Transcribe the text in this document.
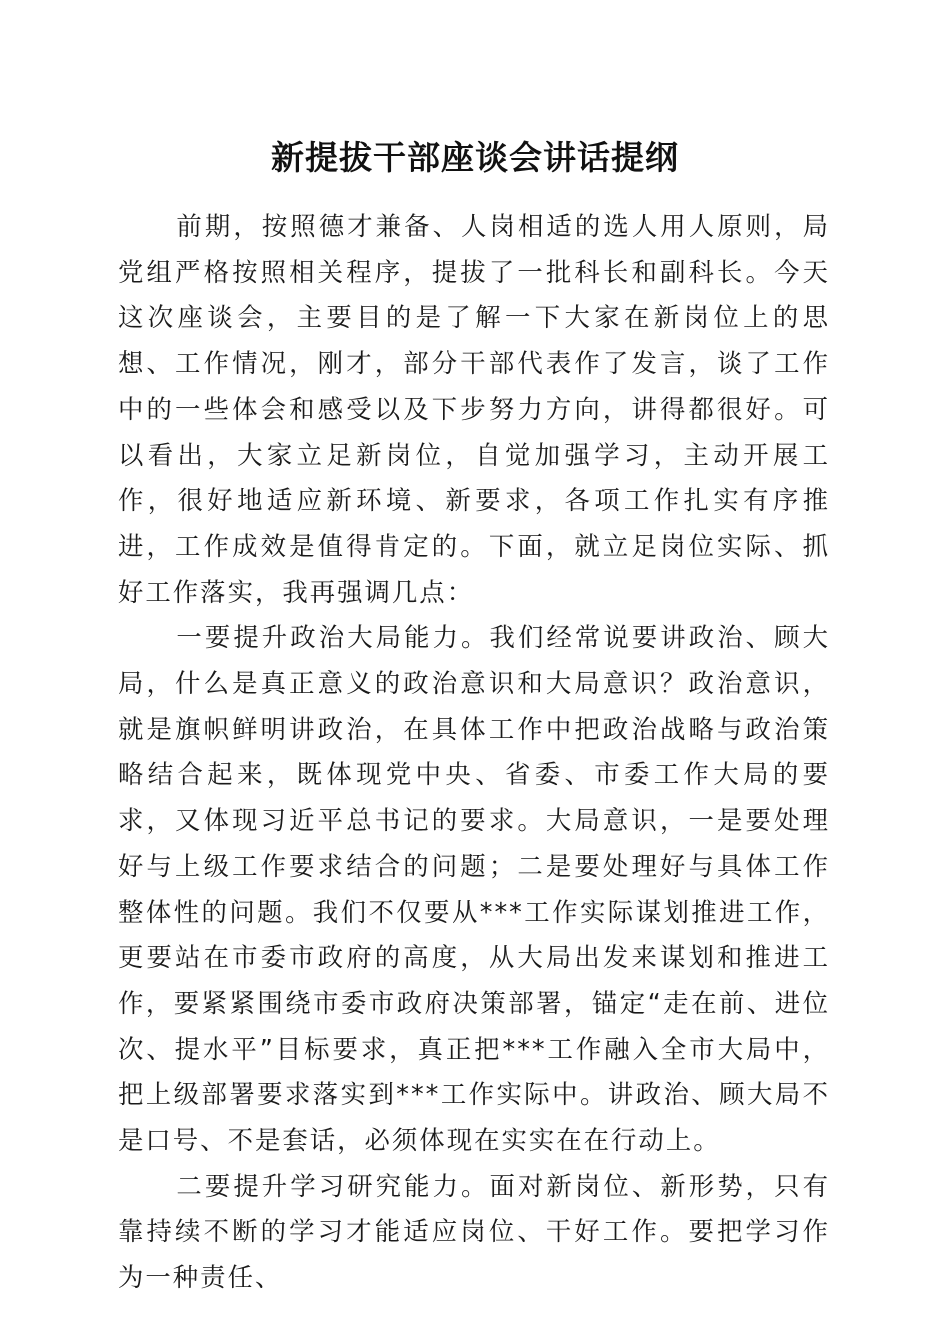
新提拔干部座谈会讲话提纲

前期，按照德才兼备、人岗相适的选人用人原则，局党组严格按照相关程序，提拔了一批科长和副科长。今天这次座谈会，主要目的是了解一下大家在新岗位上的思想、工作情况，刚才，部分干部代表作了发言，谈了工作中的一些体会和感受以及下步努力方向，讲得都很好。可以看出，大家立足新岗位，自觉加强学习，主动开展工作，很好地适应新环境、新要求，各项工作扎实有序推进，工作成效是值得肯定的。下面，就立足岗位实际、抓好工作落实，我再强调几点：

一要提升政治大局能力。我们经常说要讲政治、顾大局，什么是真正意义的政治意识和大局意识？政治意识，就是旗帜鲜明讲政治，在具体工作中把政治战略与政治策略结合起来，既体现党中央、省委、市委工作大局的要求，又体现习近平总书记的要求。大局意识，一是要处理好与上级工作要求结合的问题；二是要处理好与具体工作整体性的问题。我们不仅要从***工作实际谋划推进工作，更要站在市委市政府的高度，从大局出发来谋划和推进工作，要紧紧围绕市委市政府决策部署，锚定“走在前、进位次、提水平”目标要求，真正把***工作融入全市大局中，把上级部署要求落实到***工作实际中。讲政治、顾大局不是口号、不是套话，必须体现在实实在在行动上。

二要提升学习研究能力。面对新岗位、新形势，只有靠持续不断的学习才能适应岗位、干好工作。要把学习作为一种责任、
